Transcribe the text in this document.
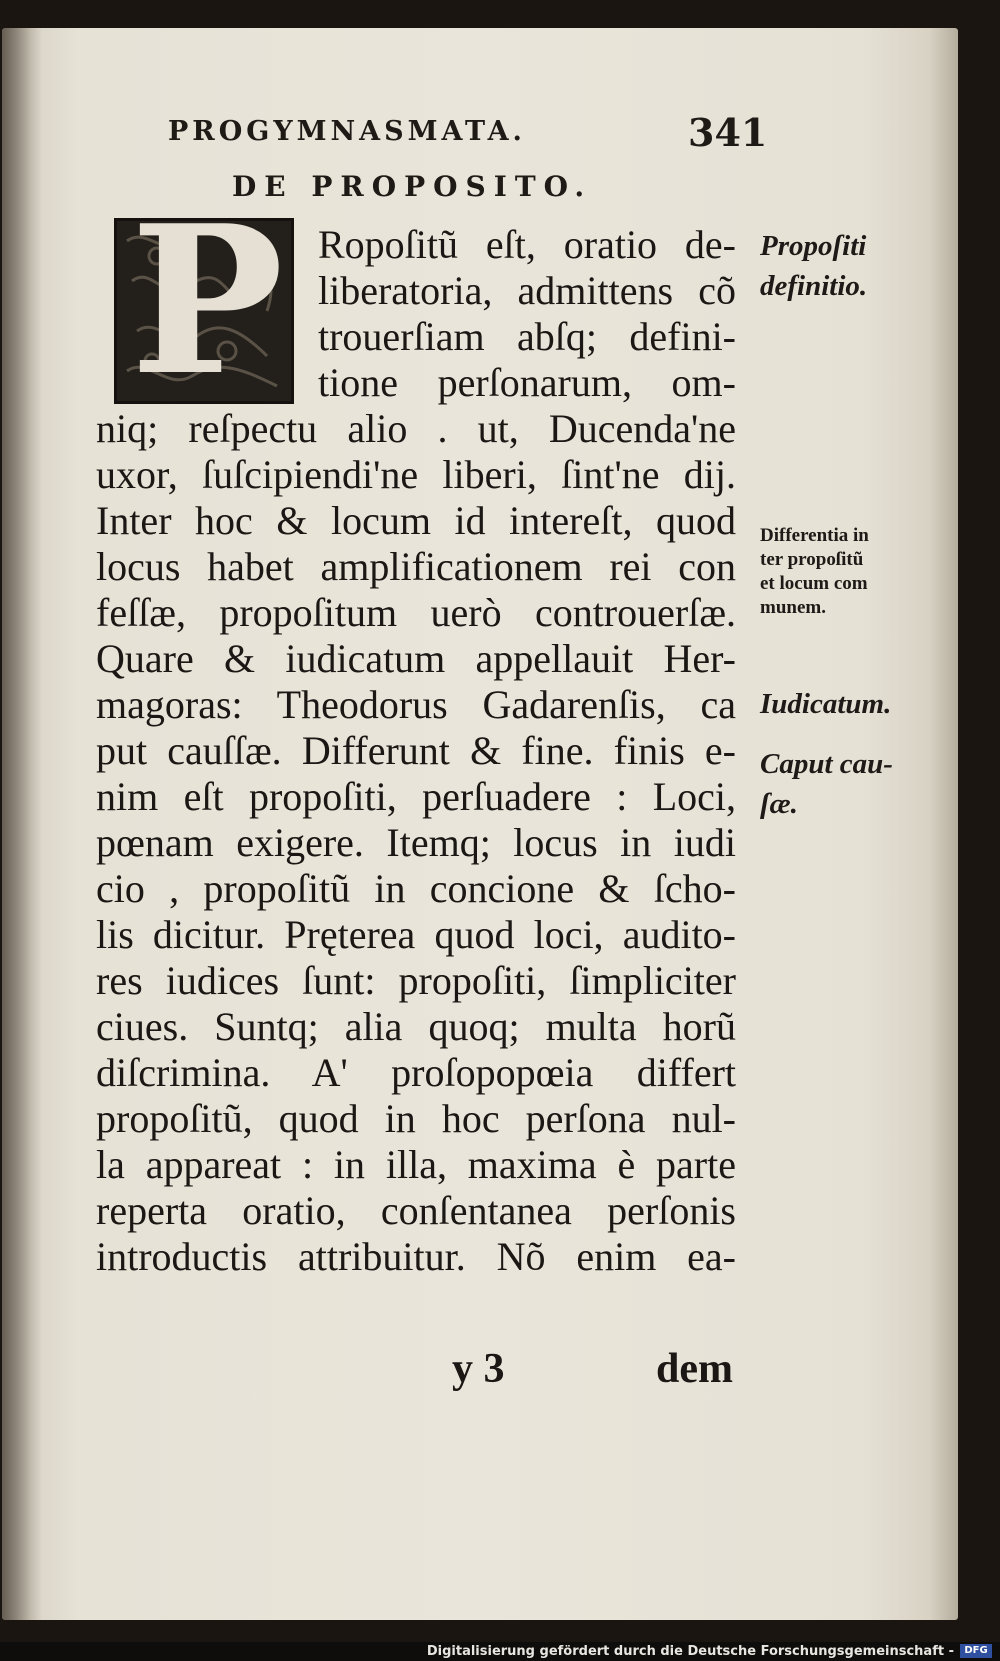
PROGYMNASMATA.	341
DE PROPOSITO.
P Ropoſitũ eſt, oratio de-
liberatoria, admittens cõ
trouerſiam abſq; defini-
tione perſonarum, om-
niq; reſpectu alio . ut, Ducenda'ne
uxor, ſuſcipiendi'ne liberi, ſint'ne dij.
Inter hoc & locum id intereſt, quod
locus habet amplificationem rei con
feſſæ, propoſitum uerò controuerſæ.
Quare & iudicatum appellauit Her-
magoras: Theodorus Gadarenſis, ca
put cauſſæ. Differunt & fine. finis e-
nim eſt propoſiti, perſuadere : Loci,
pœnam exigere. Itemq; locus in iudi
cio , propoſitũ in concione & ſcho-
lis dicitur. Pręterea quod loci, audito-
res iudices ſunt: propoſiti, ſimpliciter
ciues. Suntq; alia quoq; multa horũ
diſcrimina. A' proſopopœia differt
propoſitũ, quod in hoc perſona nul-
la appareat : in illa, maxima è parte
reperta oratio, conſentanea perſonis
introductis attribuitur. Nõ enim ea-
y 3	dem
Propoſiti
definitio.
Differentia in
ter propoſitũ
et locum com
munem.
Iudicatum.
Caput cau-
ſæ.
Digitalisierung gefördert durch die Deutsche Forschungsgemeinschaft -	DFG
